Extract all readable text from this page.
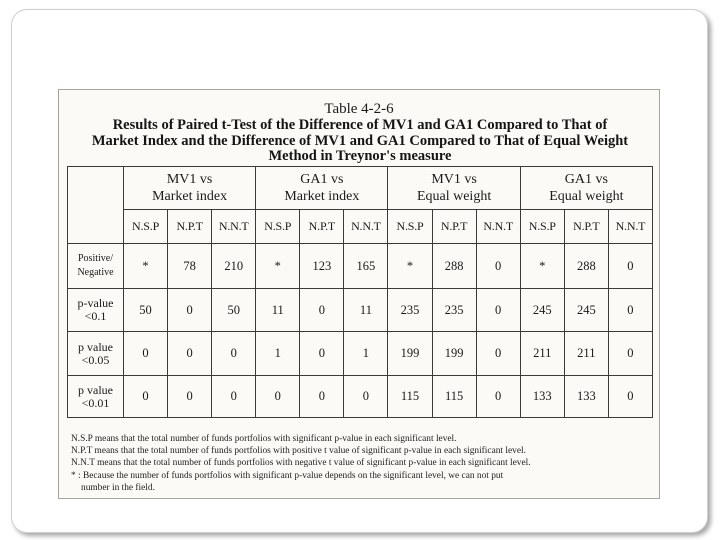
Table 4-2-6
Results of Paired t-Test of the Difference of MV1 and GA1 Compared to That of
Market Index and the Difference of MV1 and GA1 Compared to That of Equal Weight
Method in Treynor's measure
	MV1 vs
Market index			GA1 vs
Market index			MV1 vs
Equal weight			GA1 vs
Equal weight		
	N.S.P	N.P.T	N.N.T	N.S.P	N.P.T	N.N.T	N.S.P	N.P.T	N.N.T	N.S.P	N.P.T	N.N.T
Positive/
Negative	*	78	210	*	123	165	*	288	0	*	288	0
p-value
<0.1	50	0	50	11	0	11	235	235	0	245	245	0
p value
<0.05	0	0	0	1	0	1	199	199	0	211	211	0
p value
<0.01	0	0	0	0	0	0	115	115	0	133	133	0
N.S.P means that the total number of funds portfolios with significant p-value in each significant level.
N.P.T means that the total number of funds portfolios with positive t value of significant p-value in each significant level.
N.N.T means that the total number of funds portfolios with negative t value of significant p-value in each significant level.
* : Because the number of funds portfolios with significant p-value depends on the significant level, we can not put
number in the field.
